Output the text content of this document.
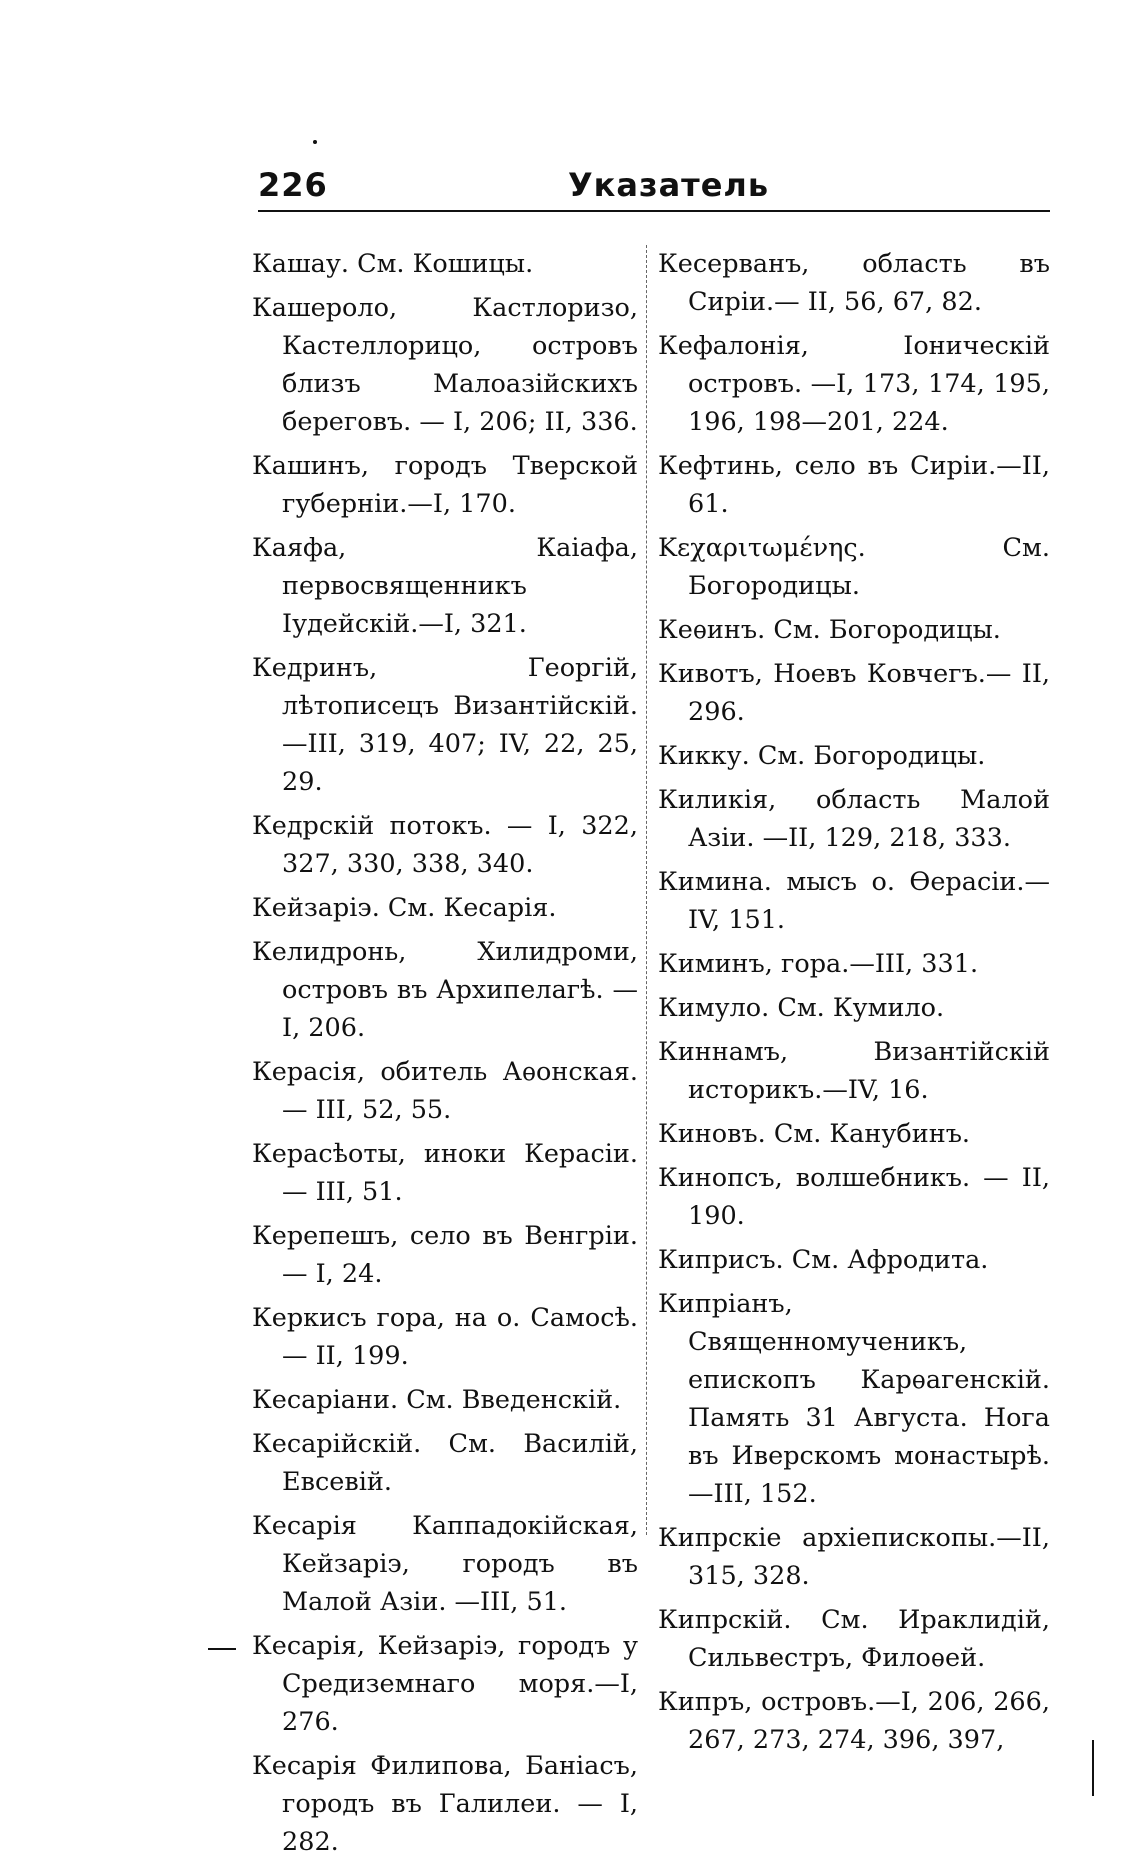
226	Указатель

Кашау. См. Кошицы.

Кашероло, Кастлоризо, Кастеллорицо, островъ близъ Малоазійскихъ береговъ. — I, 206; II, 336.

Кашинъ, городъ Тверской губерніи.—I, 170.

Каяфа, Каіафа, первосвященникъ Іудейскій.—I, 321.

Кедринъ, Георгій, лѣтописецъ Византійскій.—III, 319, 407; IV, 22, 25, 29.

Кедрскій потокъ. — I, 322, 327, 330, 338, 340.

Кейзаріэ. См. Кесарія.

Келидронь, Хилидроми, островъ въ Архипелагѣ. — I, 206.

Керасія, обитель Аѳонская.— III, 52, 55.

Керасѣоты, иноки Керасіи.— III, 51.

Керепешъ, село въ Венгріи.— I, 24.

Керкисъ гора, на о. Самосѣ.— II, 199.

Кесаріани. См. Введенскій.

Кесарійскій. См. Василій, Евсевій.

Кесарія Каппадокійская, Кейзаріэ, городъ въ Малой Азіи. —III, 51.

Кесарія, Кейзаріэ, городъ у Средиземнаго моря.—I, 276.

Кесарія Филипова, Баніасъ, городъ въ Галилеи. — I, 282.

Кесерванъ, область въ Сиріи.— II, 56, 67, 82.

Кефалонія, Іоническій островъ. —I, 173, 174, 195, 196, 198—201, 224.

Кефтинь, село въ Сиріи.—II, 61.

Κεχαριτωμένης. См. Богородицы.

Кеѳинъ. См. Богородицы.

Кивотъ, Ноевъ Ковчегъ.— II, 296.

Кикку. См. Богородицы.

Киликія, область Малой Азіи. —II, 129, 218, 333.

Кимина. мысъ о. Ѳерасіи.— IV, 151.

Киминъ, гора.—III, 331.

Кимуло. См. Кумило.

Киннамъ, Византійскій историкъ.—IV, 16.

Киновъ. См. Канубинъ.

Кинопсъ, волшебникъ. — II, 190.

Киприсъ. См. Афродита.

Кипріанъ, Священномученикъ, епископъ Карѳагенскій. Память 31 Августа. Нога въ Иверскомъ монастырѣ.—III, 152.

Кипрскіе архіепископы.—II, 315, 328.

Кипрскій. См. Ираклидій, Сильвестръ, Филоѳей.

Кипръ, островъ.—I, 206, 266, 267, 273, 274, 396, 397,
